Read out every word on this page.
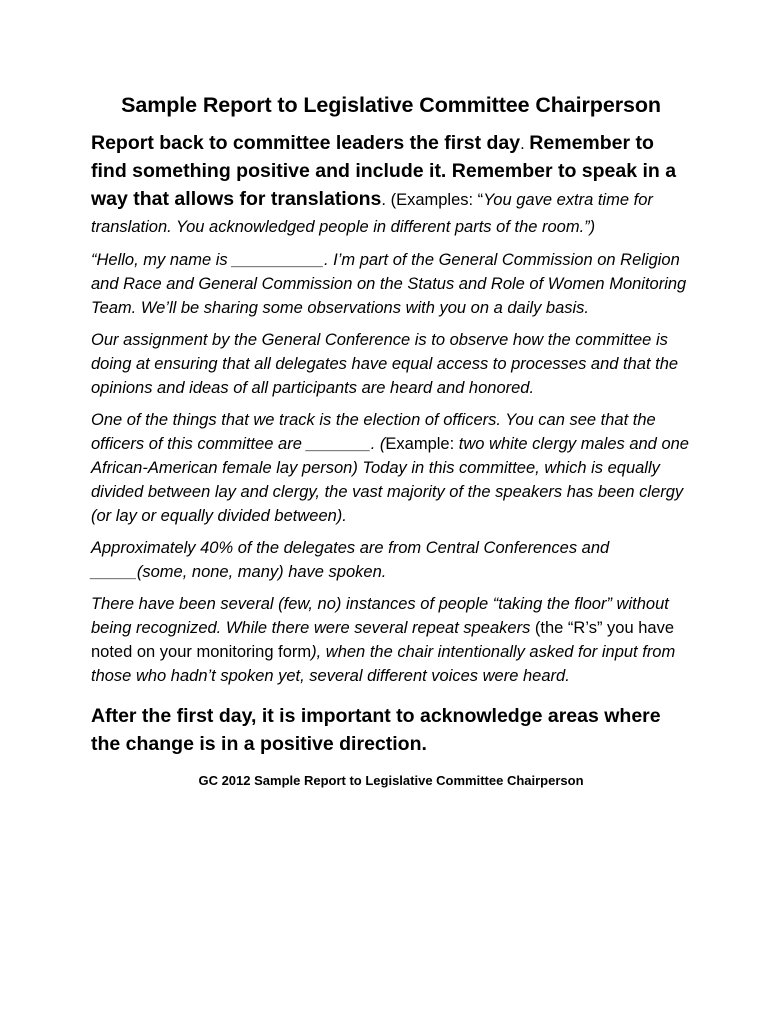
Sample Report to Legislative Committee Chairperson

Report back to committee leaders the first day. Remember to find something positive and include it. Remember to speak in a way that allows for translations. (Examples: “You gave extra time for translation. You acknowledged people in different parts of the room.”)

“Hello, my name is __________. I’m part of the General Commission on Religion and Race and General Commission on the Status and Role of Women Monitoring Team. We’ll be sharing some observations with you on a daily basis.

Our assignment by the General Conference is to observe how the committee is doing at ensuring that all delegates have equal access to processes and that the opinions and ideas of all participants are heard and honored.

One of the things that we track is the election of officers. You can see that the officers of this committee are _______. (Example: two white clergy males and one African-American female lay person) Today in this committee, which is equally divided between lay and clergy, the vast majority of the speakers has been clergy (or lay or equally divided between).

Approximately 40% of the delegates are from Central Conferences and _____(some, none, many) have spoken.

There have been several (few, no) instances of people “taking the floor” without being recognized. While there were several repeat speakers (the “R’s” you have noted on your monitoring form), when the chair intentionally asked for input from those who hadn’t spoken yet, several different voices were heard.

After the first day, it is important to acknowledge areas where the change is in a positive direction.

GC 2012 Sample Report to Legislative Committee Chairperson
